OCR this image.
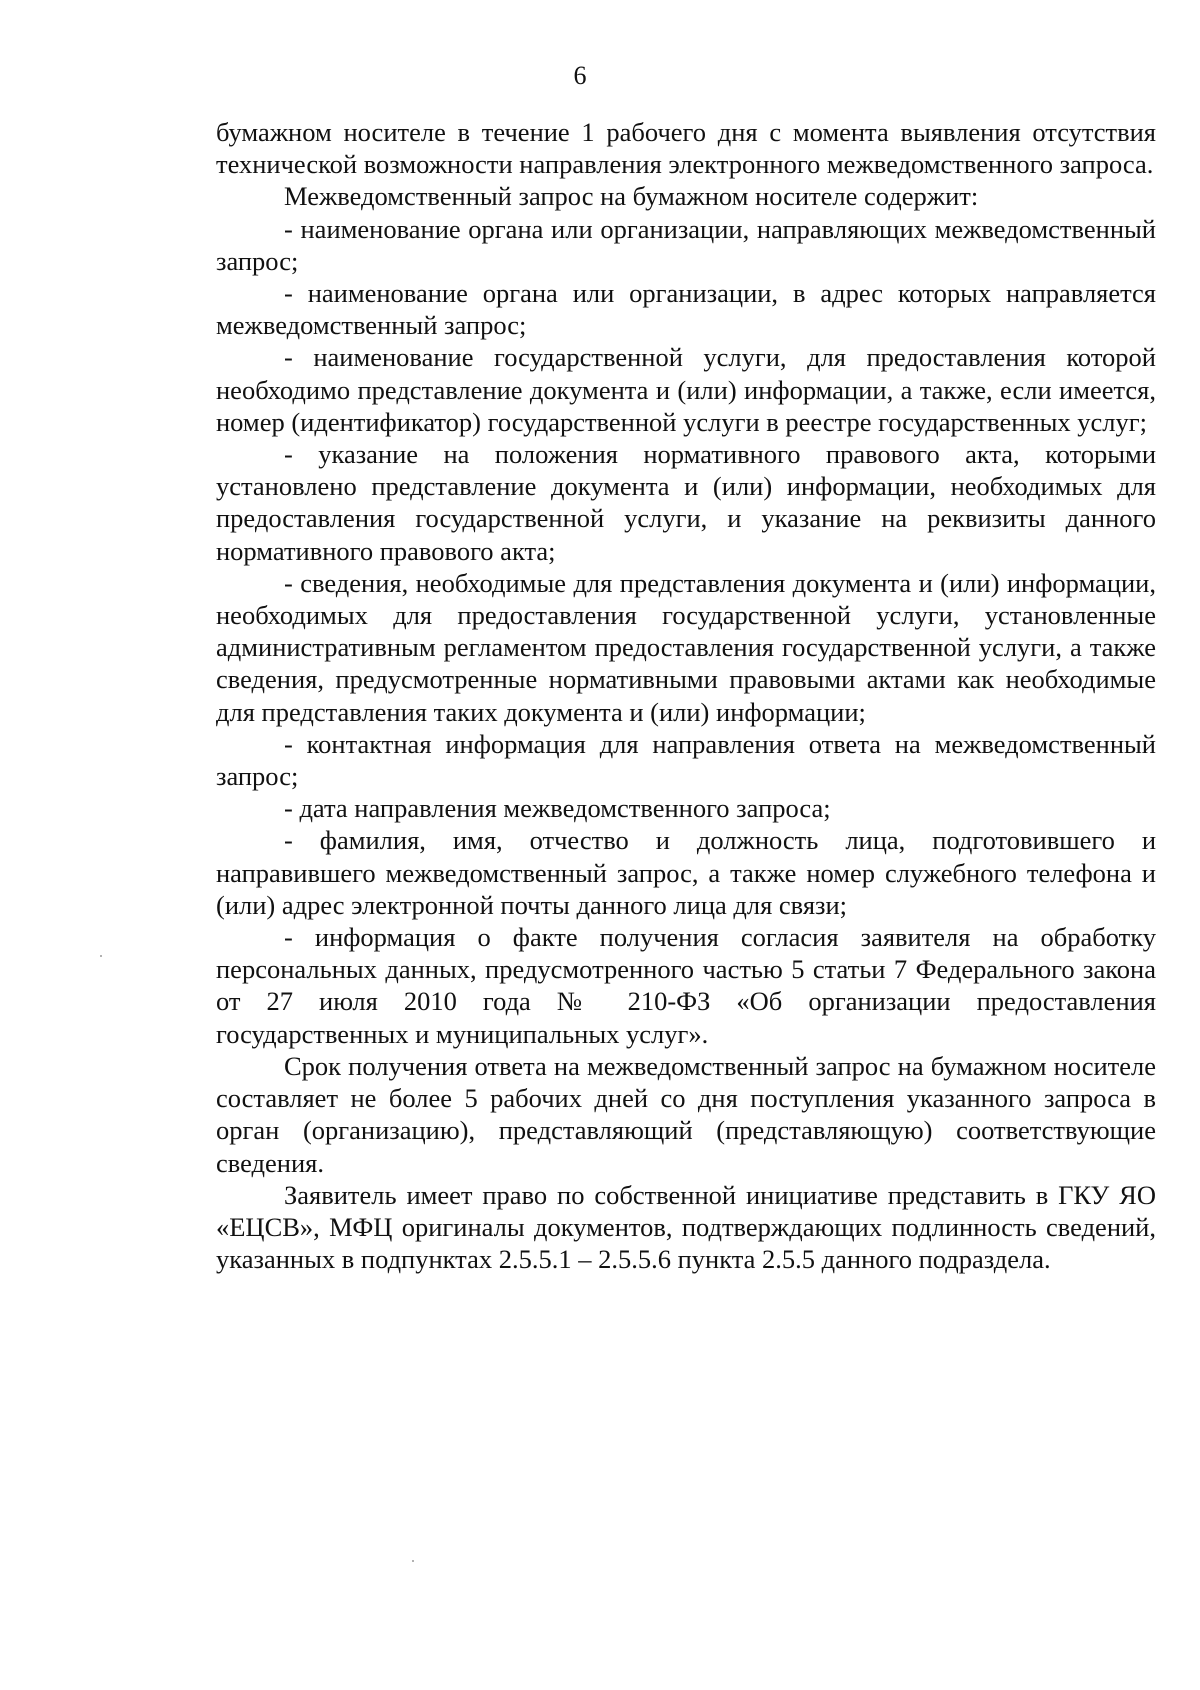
6

бумажном носителе в течение 1 рабочего дня с момента выявления отсутствия технической возможности направления электронного межведомственного запроса.

Межведомственный запрос на бумажном носителе содержит:

- наименование органа или организации, направляющих межведомственный запрос;

- наименование органа или организации, в адрес которых направляется межведомственный запрос;

- наименование государственной услуги, для предоставления которой необходимо представление документа и (или) информации, а также, если имеется, номер (идентификатор) государственной услуги в реестре государственных услуг;

- указание на положения нормативного правового акта, которыми установлено представление документа и (или) информации, необходимых для предоставления государственной услуги, и указание на реквизиты данного нормативного правового акта;

- сведения, необходимые для представления документа и (или) информации, необходимых для предоставления государственной услуги, установленные административным регламентом предоставления государственной услуги, а также сведения, предусмотренные нормативными правовыми актами как необходимые для представления таких документа и (или) информации;

- контактная информация для направления ответа на межведомственный запрос;

- дата направления межведомственного запроса;

- фамилия, имя, отчество и должность лица, подготовившего и направившего межведомственный запрос, а также номер служебного телефона и (или) адрес электронной почты данного лица для связи;

- информация о факте получения согласия заявителя на обработку персональных данных, предусмотренного частью 5 статьи 7 Федерального закона от 27 июля 2010 года № 210-ФЗ «Об организации предоставления государственных и муниципальных услуг».

Срок получения ответа на межведомственный запрос на бумажном носителе составляет не более 5 рабочих дней со дня поступления указанного запроса в орган (организацию), представляющий (представляющую) соответствующие сведения.

Заявитель имеет право по собственной инициативе представить в ГКУ ЯО «ЕЦСВ», МФЦ оригиналы документов, подтверждающих подлинность сведений, указанных в подпунктах 2.5.5.1 – 2.5.5.6 пункта 2.5.5 данного подраздела.
